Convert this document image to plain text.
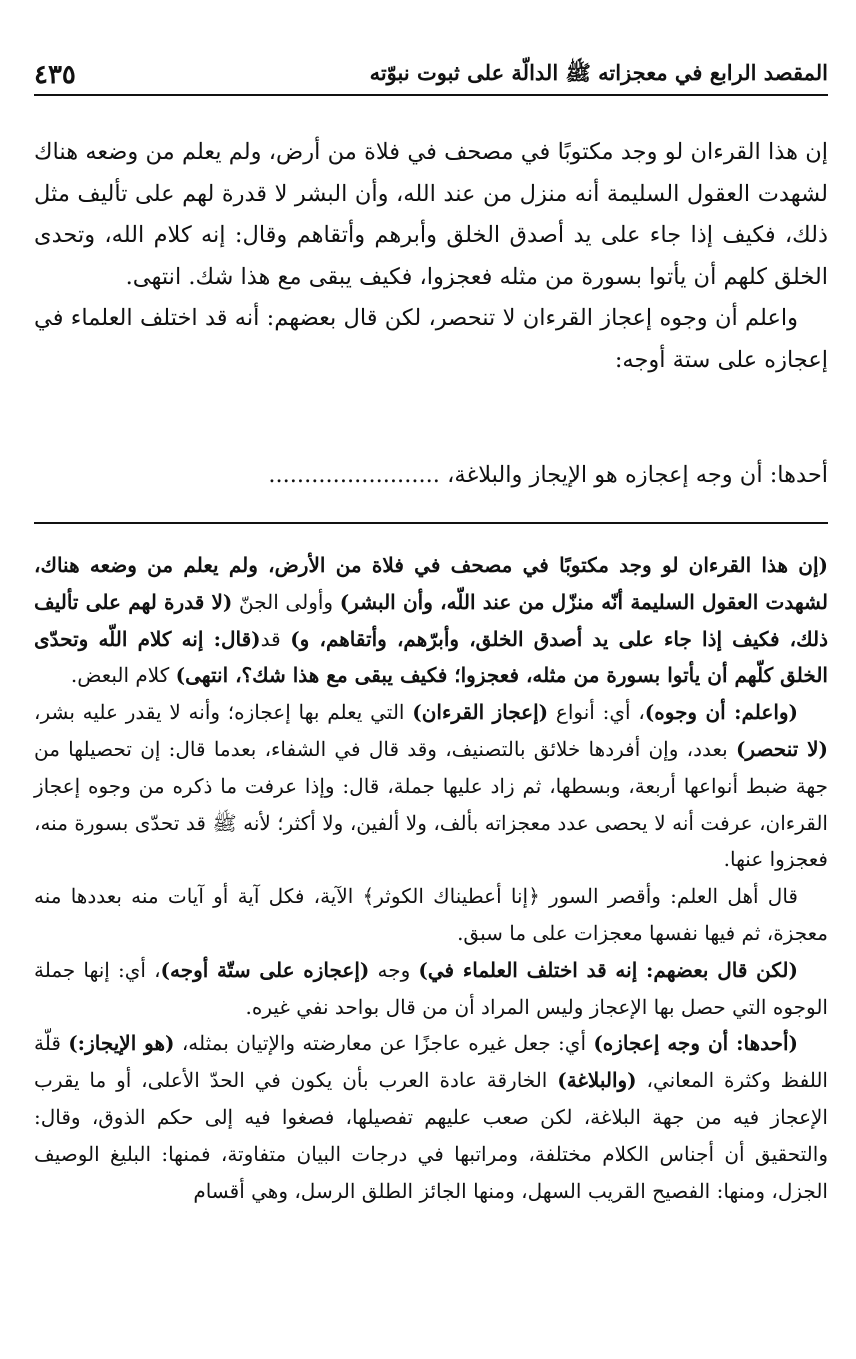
المقصد الرابع في معجزاته ﷺ الدالّة على ثبوت نبوّته
٤٣٥

إن هذا القرءان لو وجد مكتوبًا في مصحف في فلاة من أرض، ولم يعلم من وضعه هناك لشهدت العقول السليمة أنه منزل من عند الله، وأن البشر لا قدرة لهم على تأليف مثل ذلك، فكيف إذا جاء على يد أصدق الخلق وأبرهم وأتقاهم وقال: إنه كلام الله، وتحدى الخلق كلهم أن يأتوا بسورة من مثله فعجزوا، فكيف يبقى مع هذا شك. انتهى.

واعلم أن وجوه إعجاز القرءان لا تنحصر، لكن قال بعضهم: أنه قد اختلف العلماء في إعجازه على ستة أوجه:

أحدها: أن وجه إعجازه هو الإيجاز والبلاغة، ........................

(إن هذا القرءان لو وجد مكتوبًا في مصحف في فلاة من الأرض، ولم يعلم من وضعه هناك، لشهدت العقول السليمة أنّه منزّل من عند اللّه، وأن البشر) وأولى الجنّ (لا قدرة لهم على تأليف ذلك، فكيف إذا جاء على يد أصدق الخلق، وأبرّهم، وأتقاهم، و) قد(قال: إنه كلام اللّه وتحدّى الخلق كلّهم أن يأتوا بسورة من مثله، فعجزوا؛ فكيف يبقى مع هذا شك؟، انتهى) كلام البعض.

(واعلم: أن وجوه)، أي: أنواع (إعجاز القرءان) التي يعلم بها إعجازه؛ وأنه لا يقدر عليه بشر، (لا تنحصر) بعدد، وإن أفردها خلائق بالتصنيف، وقد قال في الشفاء، بعدما قال: إن تحصيلها من جهة ضبط أنواعها أربعة، وبسطها، ثم زاد عليها جملة، قال: وإذا عرفت ما ذكره من وجوه إعجاز القرءان، عرفت أنه لا يحصى عدد معجزاته بألف، ولا ألفين، ولا أكثر؛ لأنه ﷺ قد تحدّى بسورة منه، فعجزوا عنها.

قال أهل العلم: وأقصر السور ﴿إنا أعطيناك الكوثر﴾ الآية، فكل آية أو آيات منه بعددها منه معجزة، ثم فيها نفسها معجزات على ما سبق.

(لكن قال بعضهم: إنه قد اختلف العلماء في) وجه (إعجازه على ستّة أوجه)، أي: إنها جملة الوجوه التي حصل بها الإعجاز وليس المراد أن من قال بواحد نفي غيره.

(أحدها: أن وجه إعجازه) أي: جعل غيره عاجزًا عن معارضته والإتيان بمثله، (هو الإيجاز:) قلّة اللفظ وكثرة المعاني، (والبلاغة) الخارقة عادة العرب بأن يكون في الحدّ الأعلى، أو ما يقرب الإعجاز فيه من جهة البلاغة، لكن صعب عليهم تفصيلها، فصغوا فيه إلى حكم الذوق، وقال: والتحقيق أن أجناس الكلام مختلفة، ومراتبها في درجات البيان متفاوتة، فمنها: البليغ الوصيف الجزل، ومنها: الفصيح القريب السهل، ومنها الجائز الطلق الرسل، وهي أقسام
